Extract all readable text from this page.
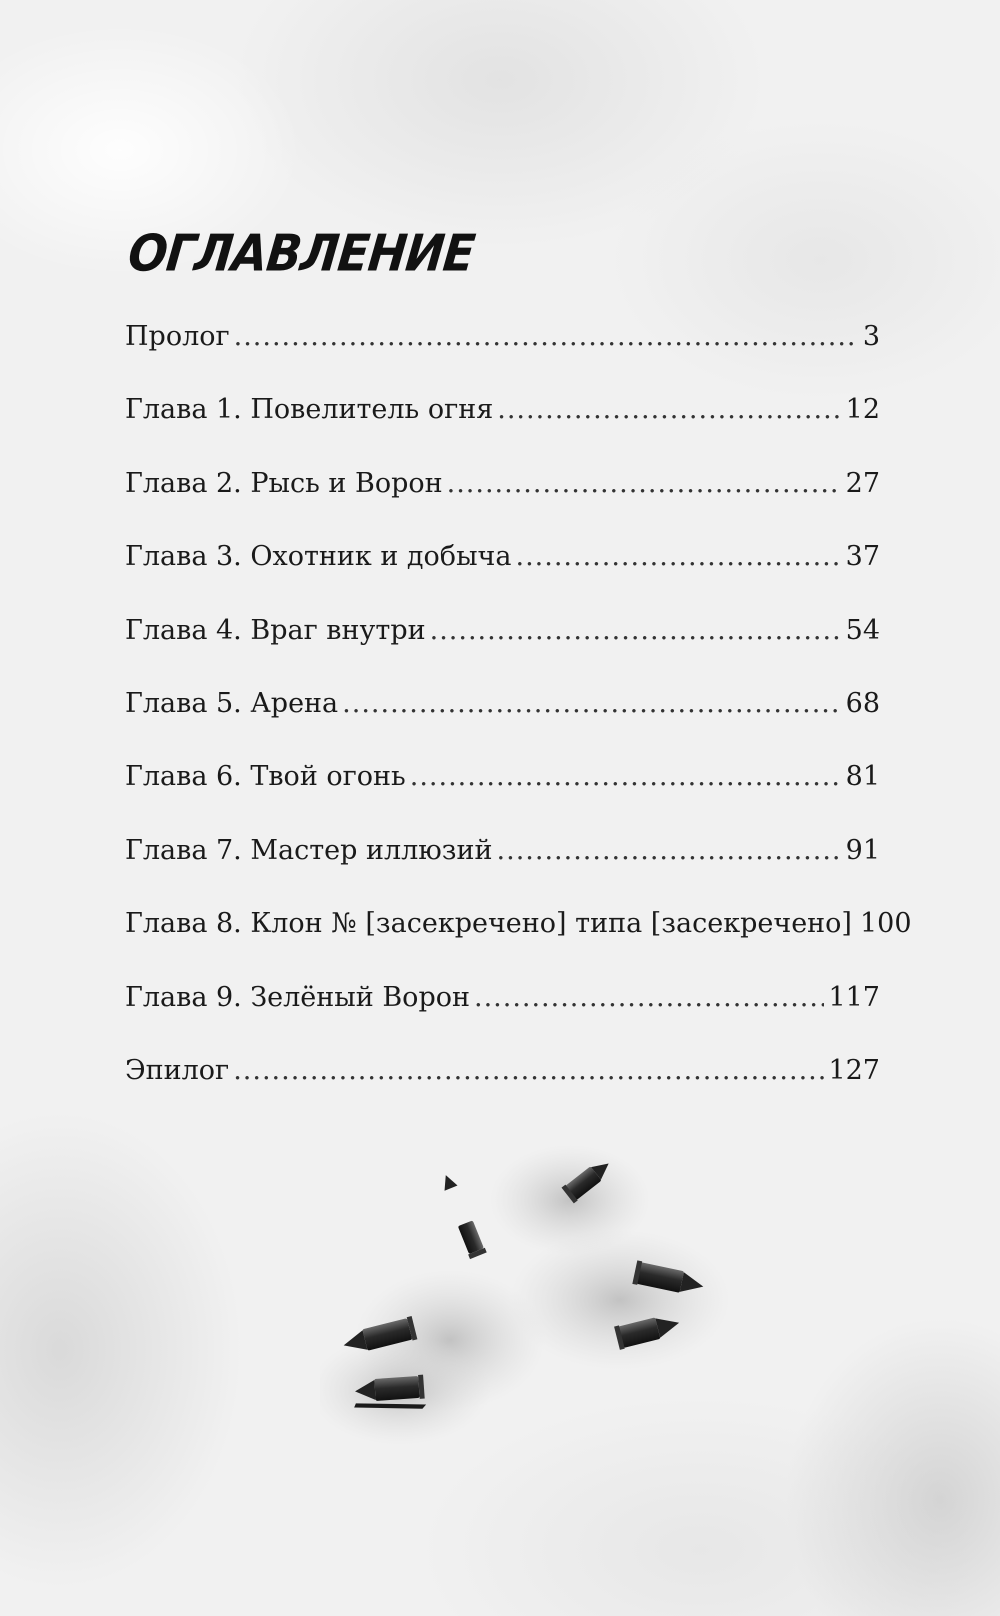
ОГЛАВЛЕНИЕ
Пролог .....	3
Глава 1. Повелитель огня .....	12
Глава 2. Рысь и Ворон .....	27
Глава 3. Охотник и добыча .....	37
Глава 4. Враг внутри .....	54
Глава 5. Арена .....	68
Глава 6. Твой огонь .....	81
Глава 7. Мастер иллюзий .....	91
Глава 8. Клон № [засекречено] типа [засекречено] 100
Глава 9. Зелёный Ворон .....	117
Эпилог .....	127
